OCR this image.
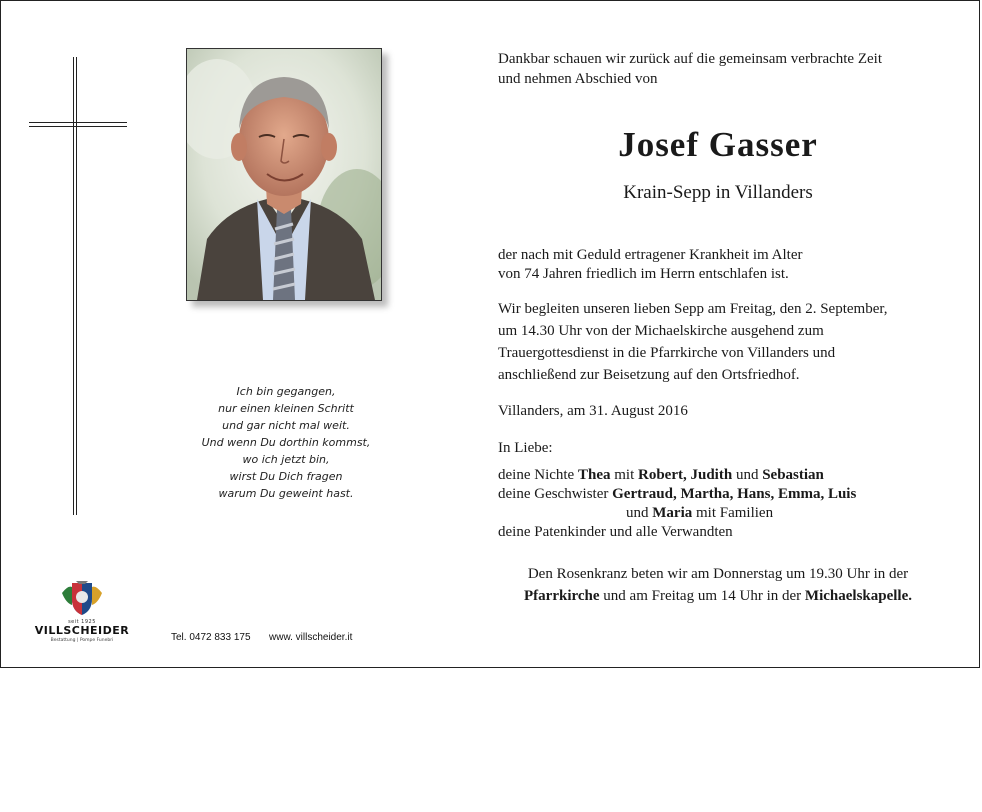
Ich bin gegangen,
nur einen kleinen Schritt
und gar nicht mal weit.
Und wenn Du dorthin kommst,
wo ich jetzt bin,
wirst Du Dich fragen
warum Du geweint hast.
seit 1925
VILLSCHEIDER
Bestattung | Pompe Funebri	Tel. 0472 833 175 www. villscheider.it
Dankbar schauen wir zurück auf die gemeinsam verbrachte Zeit
und nehmen Abschied von
Josef Gasser
Krain-Sepp in Villanders
der nach mit Geduld ertragener Krankheit im Alter
von 74 Jahren friedlich im Herrn entschlafen ist.
Wir begleiten unseren lieben Sepp am Freitag, den 2. September,
um 14.30 Uhr von der Michaelskirche ausgehend zum
Trauergottesdienst in die Pfarrkirche von Villanders und
anschließend zur Beisetzung auf den Ortsfriedhof.
Villanders, am 31. August 2016
In Liebe:
deine Nichte Thea mit Robert, Judith und Sebastian
deine Geschwister Gertraud, Martha, Hans, Emma, Luis
und Maria mit Familien
deine Patenkinder und alle Verwandten
Den Rosenkranz beten wir am Donnerstag um 19.30 Uhr in der
Pfarrkirche und am Freitag um 14 Uhr in der Michaelskapelle.
